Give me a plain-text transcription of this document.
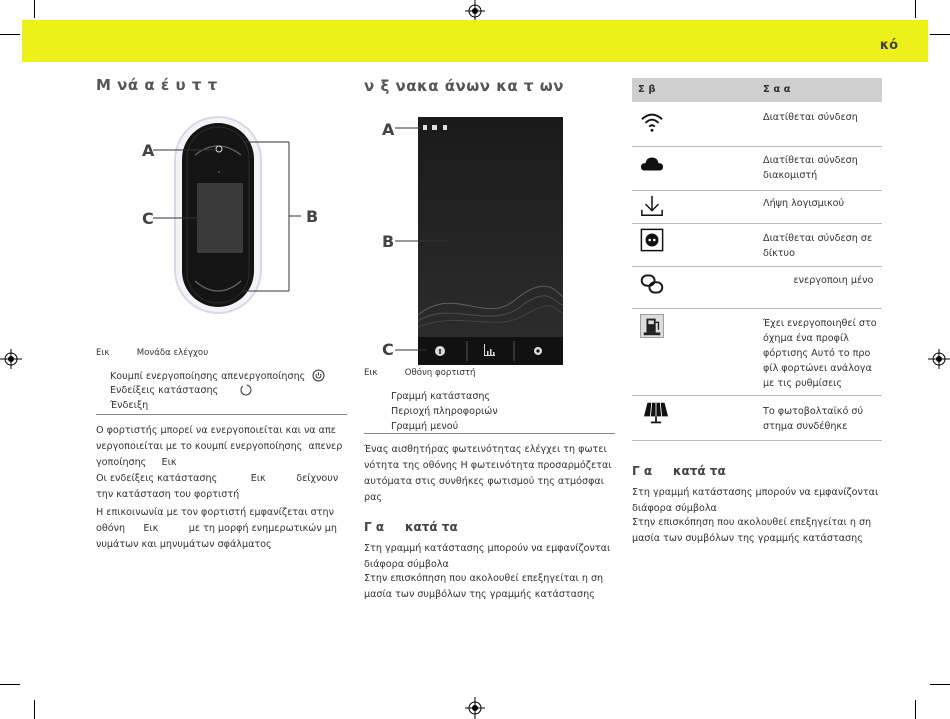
κό
Μ νά α έ υ τ τ
A
C	B
Εικ          Μονάδα ελέγχου
Κουμπί ενεργοποίησης απενεργοποίησης
Ενδείξεις κατάστασης
Ένδειξη
Ο φορτιστής μπορεί να ενεργοποιείται και να απε νεργοποιείται με το κουμπί ενεργοποίησης  απενερ γοποίησης     Εικ
Οι ενδείξεις κατάστασης           Εικ          δείχνουν την κατάσταση του φορτιστή
Η επικοινωνία με τον φορτιστή εμφανίζεται στην οθόνη      Εικ          με τη μορφή ενημερωτικών μη νυμάτων και μηνυμάτων σφάλματος
ν ξ νακα άνων κα τ ων
A
B
C
Εικ          Οθόνη φορτιστή
Γραμμή κατάστασης
Περιοχή πληροφοριών
Γραμμή μενού
Ένας αισθητήρας φωτεινότητας ελέγχει τη φωτει νότητα της οθόνης Η φωτεινότητα προσαρμόζεται αυτόματα στις συνθήκες φωτισμού της ατμόσφαι ρας
Γ α     κατά τα
Στη γραμμή κατάστασης μπορούν να εμφανίζονται διάφορα σύμβολα
Στην επισκόπηση που ακολουθεί επεξηγείται η ση μασία των συμβόλων της γραμμής κατάστασης
Σ β	Σ α α
Διατίθεται σύνδεση
Διατίθεται σύνδεση διακομιστή
Λήψη λογισμικού
Διατίθεται σύνδεση σε δίκτυο
ενεργοποιη μένο
Έχει ενεργοποιηθεί στο όχημα ένα προφίλ φόρτισης Αυτό το προ φίλ φορτώνει ανάλογα με τις ρυθμίσεις
Το φωτοβολταϊκό σύ στημα συνδέθηκε
Γ α     κατά τα
Στη γραμμή κατάστασης μπορούν να εμφανίζονται διάφορα σύμβολα
Στην επισκόπηση που ακολουθεί επεξηγείται η ση μασία των συμβόλων της γραμμής κατάστασης
